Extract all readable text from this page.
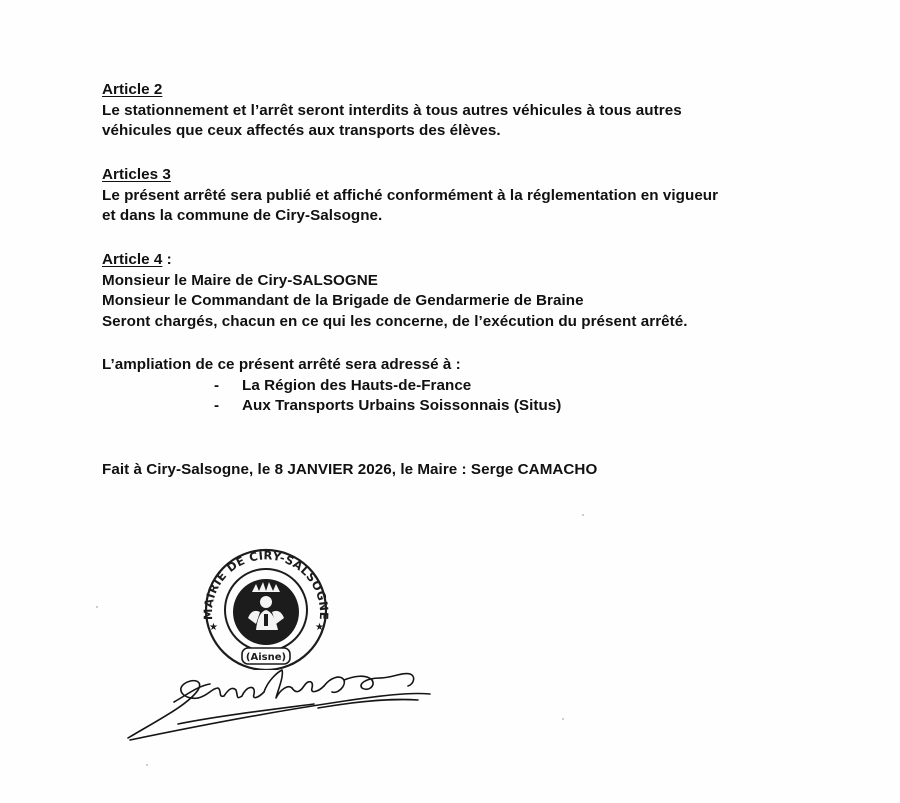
Article 2
Le stationnement et l’arrêt seront interdits à tous autres véhicules à tous autres
véhicules que ceux affectés aux transports des élèves.
Articles 3
Le présent arrêté sera publié et affiché conformément à la réglementation en vigueur
et dans la commune de Ciry-Salsogne.
Article 4 :
Monsieur le Maire de Ciry-SALSOGNE
Monsieur le Commandant de la Brigade de Gendarmerie de Braine
Seront chargés, chacun en ce qui les concerne, de l’exécution du présent arrêté.
L’ampliation de ce présent arrêté sera adressé à :
- La Région des Hauts-de-France
- Aux Transports Urbains Soissonnais (Situs)
Fait à Ciry-Salsogne, le 8 JANVIER 2026, le Maire : Serge CAMACHO
MAIRIE DE CIRY-SALSOGNE
★	★
(Aisne)
